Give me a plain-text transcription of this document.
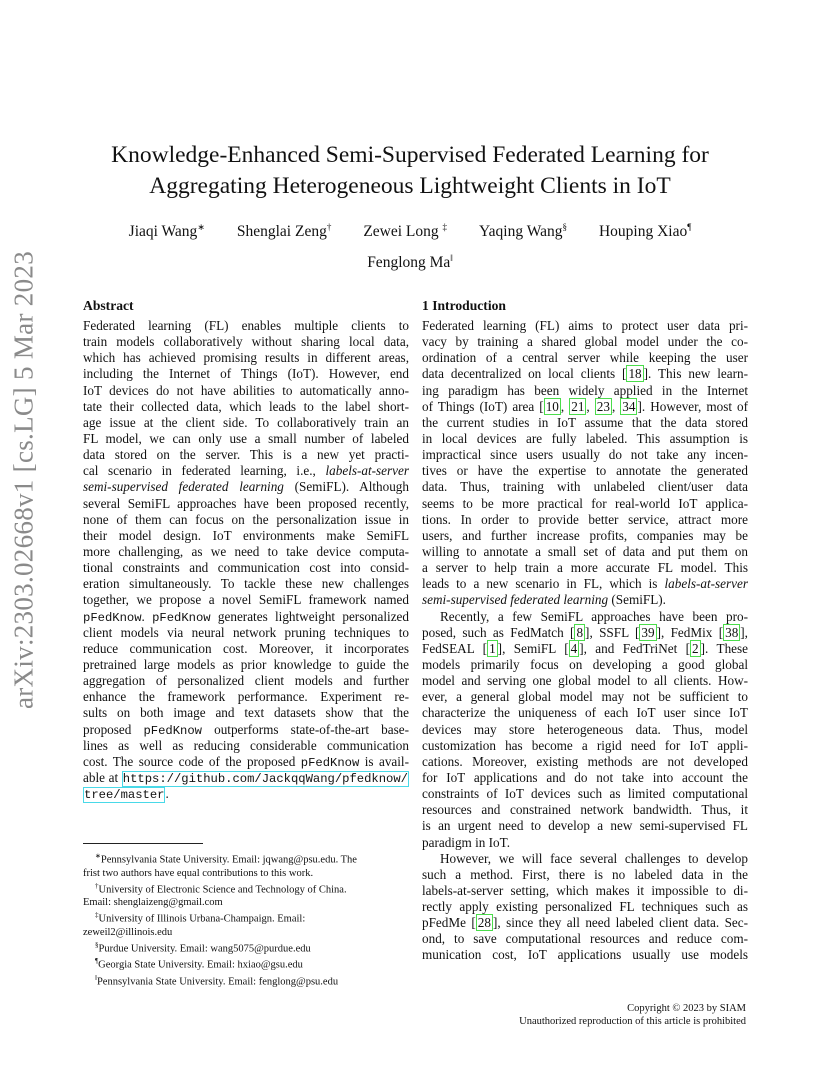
arXiv:2303.02668v1 [cs.LG] 5 Mar 2023
Knowledge-Enhanced Semi-Supervised Federated Learning for
Aggregating Heterogeneous Lightweight Clients in IoT
Jiaqi Wang∗ Shenglai Zeng† Zewei Long ‡ Yaqing Wang§ Houping Xiao¶
Fenglong Ma‖
Abstract	1 Introduction
Federated learning (FL) enables multiple clients to
train models collaboratively without sharing local data,
which has achieved promising results in different areas,
including the Internet of Things (IoT). However, end
IoT devices do not have abilities to automatically anno-
tate their collected data, which leads to the label short-
age issue at the client side. To collaboratively train an
FL model, we can only use a small number of labeled
data stored on the server. This is a new yet practi-
cal scenario in federated learning, i.e., labels-at-server
semi-supervised federated learning (SemiFL). Although
several SemiFL approaches have been proposed recently,
none of them can focus on the personalization issue in
their model design. IoT environments make SemiFL
more challenging, as we need to take device computa-
tional constraints and communication cost into consid-
eration simultaneously. To tackle these new challenges
together, we propose a novel SemiFL framework named
pFedKnow. pFedKnow generates lightweight personalized
client models via neural network pruning techniques to
reduce communication cost. Moreover, it incorporates
pretrained large models as prior knowledge to guide the
aggregation of personalized client models and further
enhance the framework performance. Experiment re-
sults on both image and text datasets show that the
proposed pFedKnow outperforms state-of-the-art base-
lines as well as reducing considerable communication
cost. The source code of the proposed pFedKnow is avail-
able at https://github.com/JackqqWang/pfedknow/
tree/master.
Federated learning (FL) aims to protect user data pri-
vacy by training a shared global model under the co-
ordination of a central server while keeping the user
data decentralized on local clients [ 18 ]. This new learn-
ing paradigm has been widely applied in the Internet
of Things (IoT) area [ 10 , 21 , 23 , 34 ]. However, most of
the current studies in IoT assume that the data stored
in local devices are fully labeled. This assumption is
impractical since users usually do not take any incen-
tives or have the expertise to annotate the generated
data. Thus, training with unlabeled client/user data
seems to be more practical for real-world IoT applica-
tions. In order to provide better service, attract more
users, and further increase profits, companies may be
willing to annotate a small set of data and put them on
a server to help train a more accurate FL model. This
leads to a new scenario in FL, which is labels-at-server
semi-supervised federated learning (SemiFL).
Recently, a few SemiFL approaches have been pro-
posed, such as FedMatch [ 8 ], SSFL [ 39 ], FedMix [ 38 ],
FedSEAL [ 1 ], SemiFL [ 4 ], and FedTriNet [ 2 ]. These
models primarily focus on developing a good global
model and serving one global model to all clients. How-
ever, a general global model may not be sufficient to
characterize the uniqueness of each IoT user since IoT
devices may store heterogeneous data. Thus, model
customization has become a rigid need for IoT appli-
cations. Moreover, existing methods are not developed
for IoT applications and do not take into account the
constraints of IoT devices such as limited computational
resources and constrained network bandwidth. Thus, it
is an urgent need to develop a new semi-supervised FL
paradigm in IoT.
However, we will face several challenges to develop
such a method. First, there is no labeled data in the
labels-at-server setting, which makes it impossible to di-
rectly apply existing personalized FL techniques such as
pFedMe [ 28 ], since they all need labeled client data. Sec-
ond, to save computational resources and reduce com-
munication cost, IoT applications usually use models
∗Pennsylvania State University. Email: jqwang@psu.edu. The
frist two authors have equal contributions to this work.
†University of Electronic Science and Technology of China.
Email: shenglaizeng@gmail.com
‡University of Illinois Urbana-Champaign. Email:
zeweil2@illinois.edu
§Purdue University. Email: wang5075@purdue.edu
¶Georgia State University. Email: hxiao@gsu.edu
‖Pennsylvania State University. Email: fenglong@psu.edu
Copyright © 2023 by SIAM
Unauthorized reproduction of this article is prohibited
